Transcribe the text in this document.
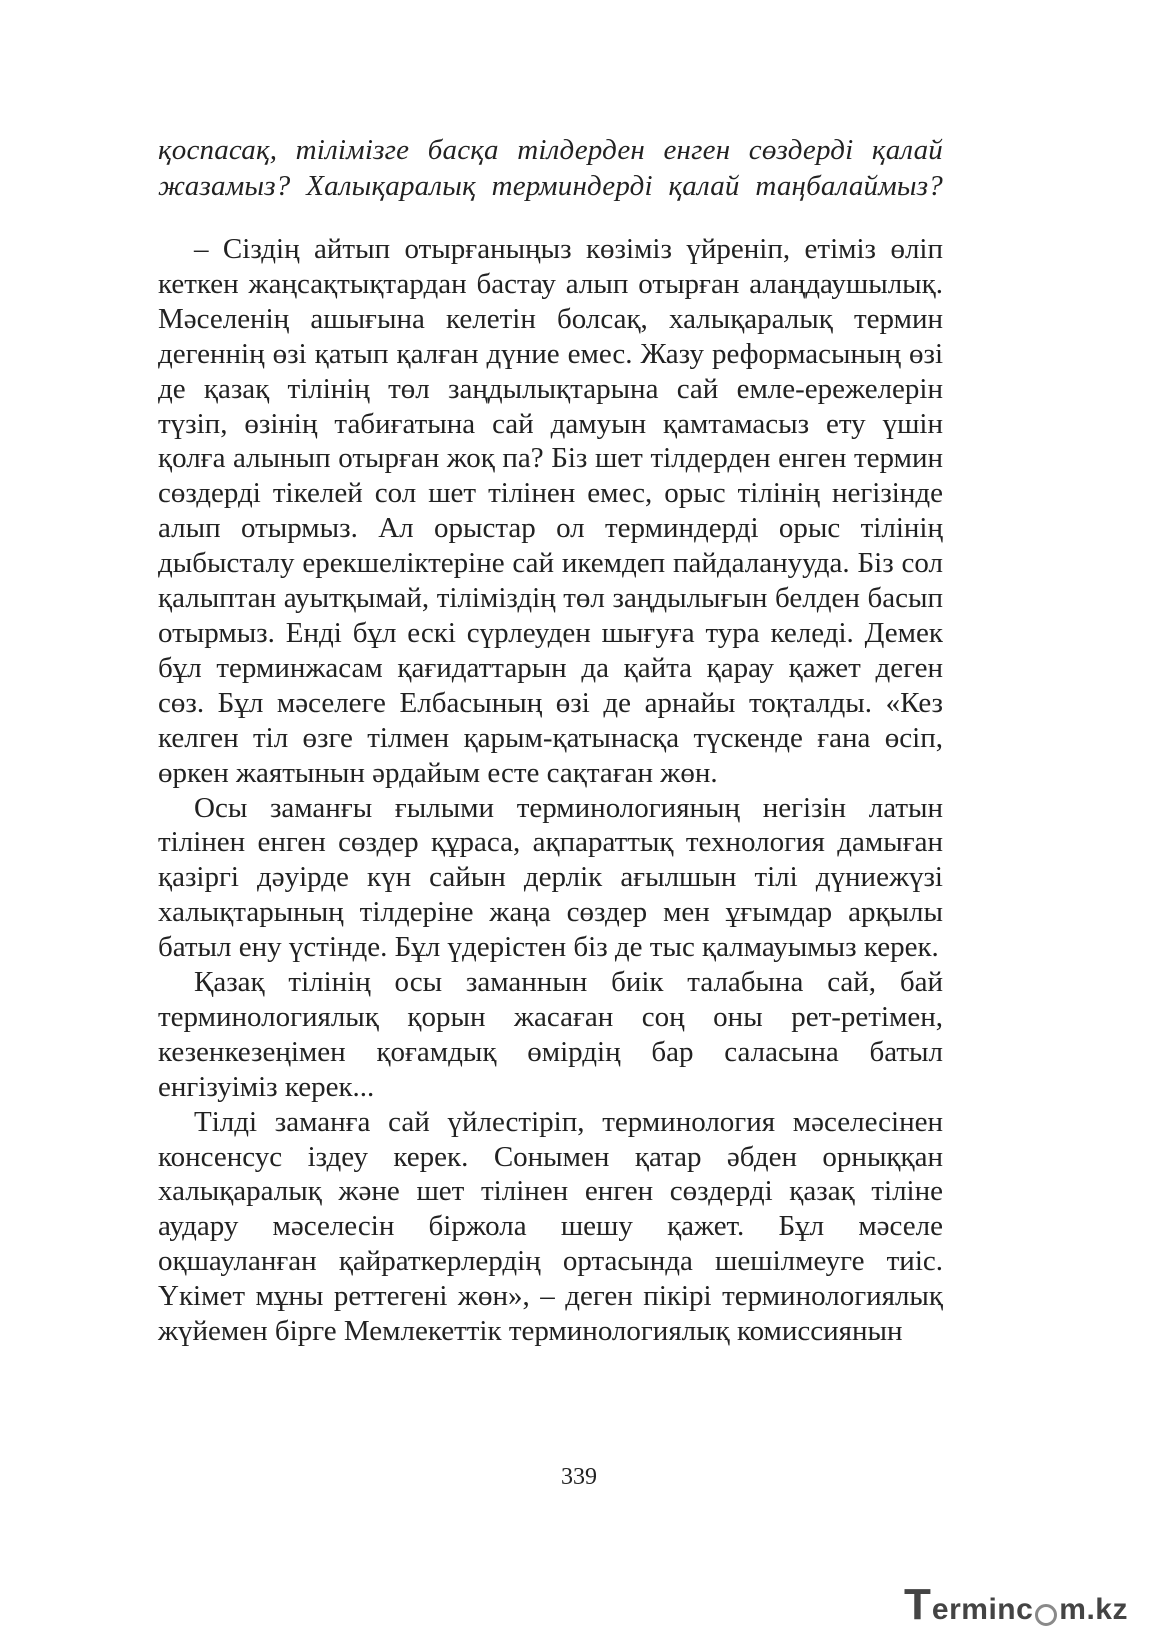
қоспасақ, тілімізге басқа тілдерден енген сөздерді қалай
жазамыз? Халықаралық терминдерді қалай таңбалаймыз?

– Сіздің айтып отырғаныңыз көзіміз үйреніп, етіміз өліп кеткен жаңсақтықтардан бастау алып отырған алаңдаушылық. Мәселенің ашығына келетін болсақ, халықаралық термин дегеннің өзі қатып қалған дүние емес. Жазу реформасының өзі де қазақ тілінің төл заңдылықтарына сай емле-ережелерін түзіп, өзінің табиғатына сай дамуын қамтамасыз ету үшін қолға алынып отырған жоқ па? Біз шет тілдерден енген термин сөздерді тікелей сол шет тілінен емес, орыс тілінің негізінде алып отырмыз. Ал орыстар ол терминдерді орыс тілінің дыбысталу ерекшеліктеріне сай икемдеп пайдаланууда. Біз сол қалыптан ауытқымай, тіліміздің төл заңдылығын белден басып отырмыз. Енді бұл ескі сүрлеуден шығуға тура келеді. Демек бұл терминжасам қағидаттарын да қайта қарау қажет деген сөз. Бұл мәселеге Елбасының өзі де арнайы тоқталды. «Кез келген тіл өзге тілмен қарым-қатынасқа түскенде ғана өсіп, өркен жаятынын әрдайым есте сақтаған жөн.

Осы заманғы ғылыми терминологияның негізін латын тілінен енген сөздер құраса, ақпараттық технология дамыған қазіргі дәуірде күн сайын дерлік ағылшын тілі дүниежүзі халықтарының тілдеріне жаңа сөздер мен ұғымдар арқылы батыл ену үстінде. Бұл үдерістен біз де тыс қалмауымыз керек.

Қазақ тілінің осы заманнын биік талабына сай, бай терминологиялық қорын жасаған соң оны рет-ретімен, кезенкезеңімен қоғамдық өмірдің бар саласына батыл енгізуіміз керек...

Тілді заманға сай үйлестіріп, терминология мәселесінен консенсус іздеу керек. Сонымен қатар әбден орныққан халықаралық және шет тілінен енген сөздерді қазақ тіліне аудару мәселесін біржола шешу қажет. Бұл мәселе оқшауланған қайраткерлердің ортасында шешілмеуге тиіс. Үкімет мұны реттегені жөн», – деген пікірі терминологиялық жүйемен бірге Мемлекеттік терминологиялық комиссиянын

339
T erminc m.kz
